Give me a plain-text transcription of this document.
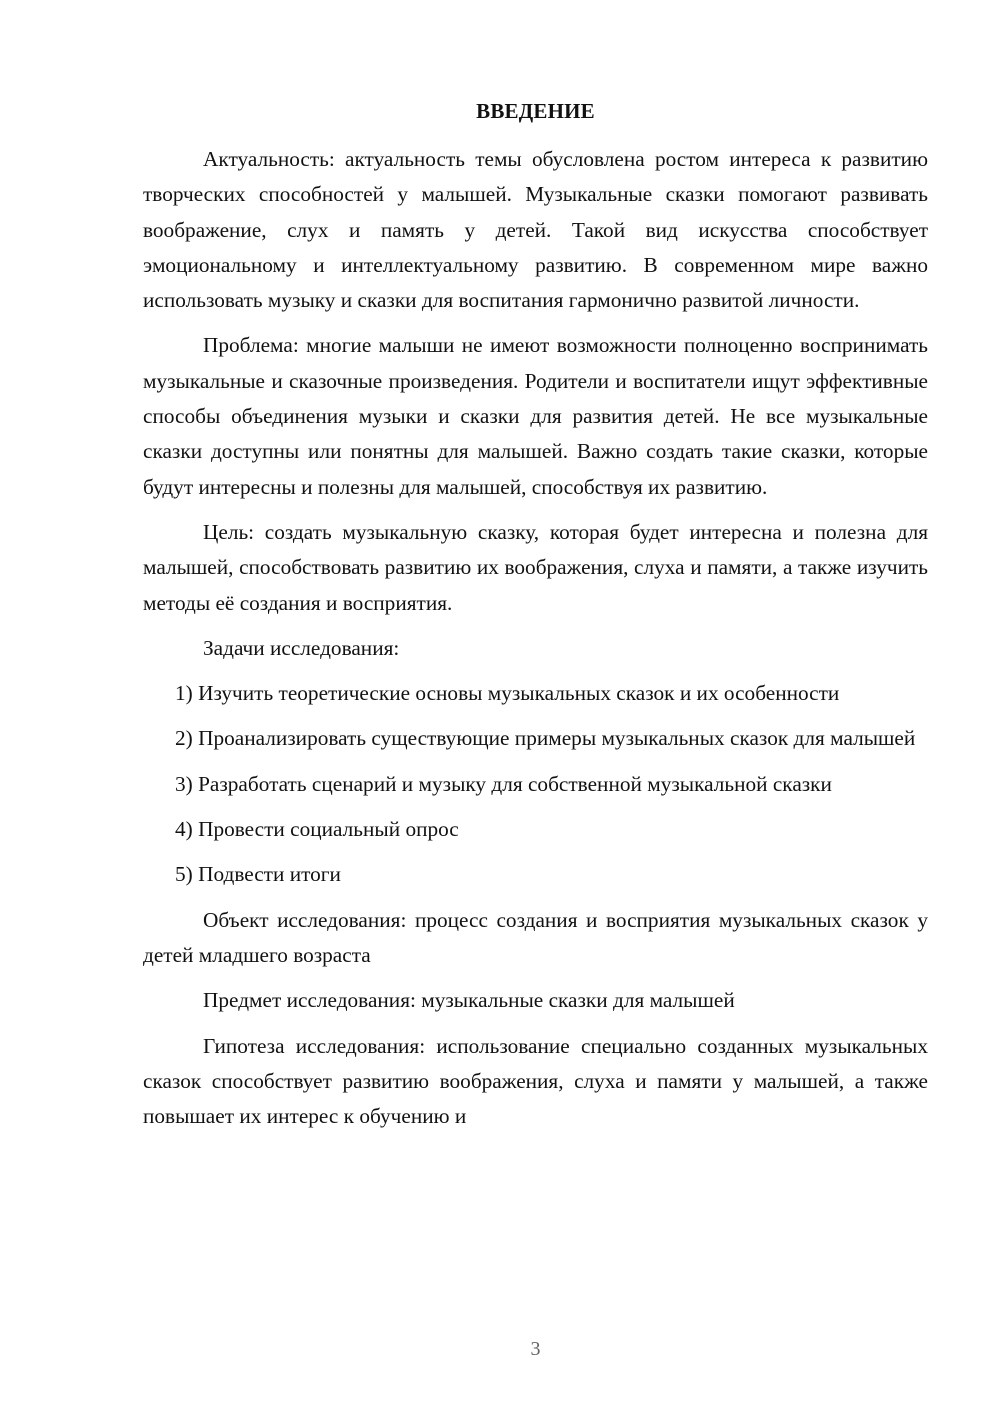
ВВЕДЕНИЕ

Актуальность: актуальность темы обусловлена ростом интереса к развитию творческих способностей у малышей. Музыкальные сказки помогают развивать воображение, слух и память у детей. Такой вид искусства способствует эмоциональному и интеллектуальному развитию. В современном мире важно использовать музыку и сказки для воспитания гармонично развитой личности.

Проблема: многие малыши не имеют возможности полноценно воспринимать музыкальные и сказочные произведения. Родители и воспитатели ищут эффективные способы объединения музыки и сказки для развития детей. Не все музыкальные сказки доступны или понятны для малышей. Важно создать такие сказки, которые будут интересны и полезны для малышей, способствуя их развитию.

Цель: создать музыкальную сказку, которая будет интересна и полезна для малышей, способствовать развитию их воображения, слуха и памяти, а также изучить методы её создания и восприятия.

Задачи исследования:

1) Изучить теоретические основы музыкальных сказок и их особенности

2) Проанализировать существующие примеры музыкальных сказок для малышей

3) Разработать сценарий и музыку для собственной музыкальной сказки

4) Провести социальный опрос

5) Подвести итоги

Объект исследования: процесс создания и восприятия музыкальных сказок у детей младшего возраста

Предмет исследования: музыкальные сказки для малышей

Гипотеза исследования: использование специально созданных музыкальных сказок способствует развитию воображения, слуха и памяти у малышей, а также повышает их интерес к обучению и

3
